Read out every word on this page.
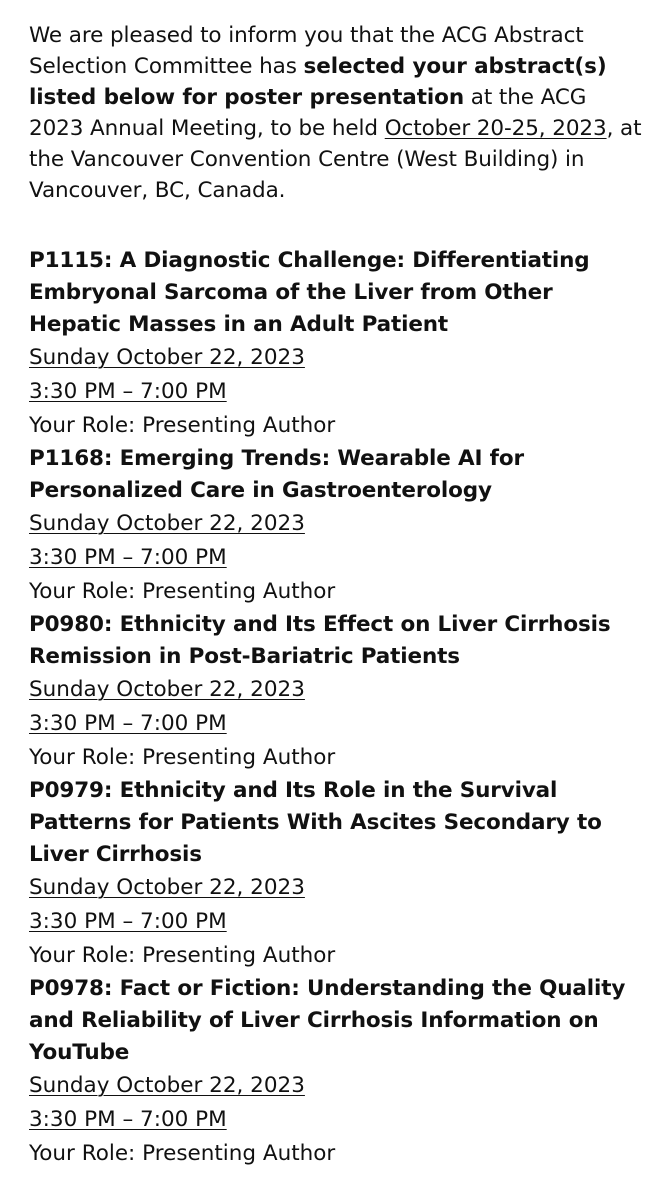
We are pleased to inform you that the ACG Abstract Selection Committee has selected your abstract(s) listed below for poster presentation at the ACG 2023 Annual Meeting, to be held October 20-25, 2023, at the Vancouver Convention Centre (West Building) in Vancouver, BC, Canada.

P1115: A Diagnostic Challenge: Differentiating Embryonal Sarcoma of the Liver from Other Hepatic Masses in an Adult Patient

Sunday October 22, 2023

3:30 PM – 7:00 PM

Your Role: Presenting Author

P1168: Emerging Trends: Wearable AI for Personalized Care in Gastroenterology

Sunday October 22, 2023

3:30 PM – 7:00 PM

Your Role: Presenting Author

P0980: Ethnicity and Its Effect on Liver Cirrhosis Remission in Post-Bariatric Patients

Sunday October 22, 2023

3:30 PM – 7:00 PM

Your Role: Presenting Author

P0979: Ethnicity and Its Role in the Survival Patterns for Patients With Ascites Secondary to Liver Cirrhosis

Sunday October 22, 2023

3:30 PM – 7:00 PM

Your Role: Presenting Author

P0978: Fact or Fiction: Understanding the Quality and Reliability of Liver Cirrhosis Information on YouTube

Sunday October 22, 2023

3:30 PM – 7:00 PM

Your Role: Presenting Author
